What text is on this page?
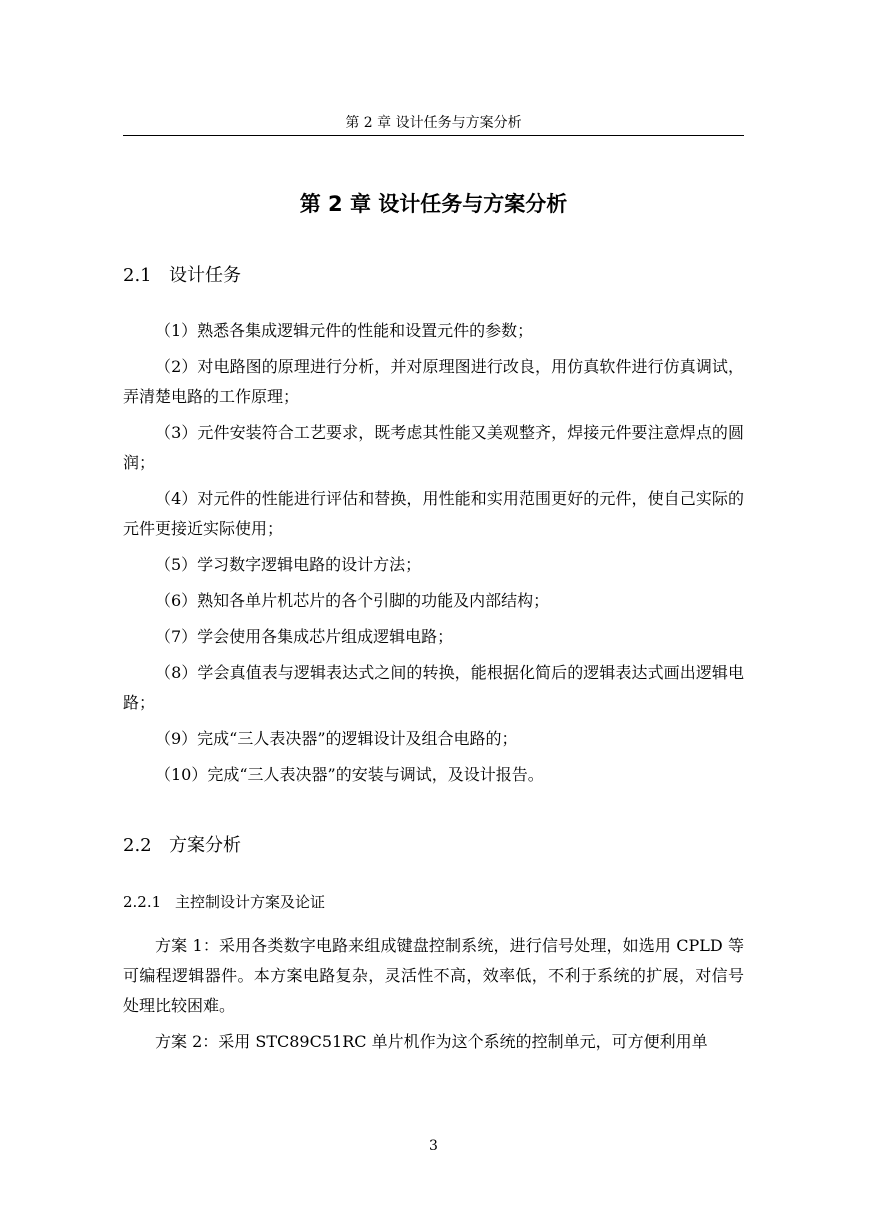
第 2 章 设计任务与方案分析
第 2 章 设计任务与方案分析
2.1 设计任务
（1）熟悉各集成逻辑元件的性能和设置元件的参数；
（2）对电路图的原理进行分析，并对原理图进行改良，用仿真软件进行仿真调试，弄清楚电路的工作原理；
（3）元件安装符合工艺要求，既考虑其性能又美观整齐，焊接元件要注意焊点的圆润；
（4）对元件的性能进行评估和替换，用性能和实用范围更好的元件，使自己实际的元件更接近实际使用；
（5）学习数字逻辑电路的设计方法；
（6）熟知各单片机芯片的各个引脚的功能及内部结构；
（7）学会使用各集成芯片组成逻辑电路；
（8）学会真值表与逻辑表达式之间的转换，能根据化简后的逻辑表达式画出逻辑电路；
（9）完成“三人表决器”的逻辑设计及组合电路的；
（10）完成“三人表决器”的安装与调试，及设计报告。
2.2 方案分析
2.2.1 主控制设计方案及论证

方案 1：采用各类数字电路来组成键盘控制系统，进行信号处理，如选用 CPLD 等可编程逻辑器件。本方案电路复杂，灵活性不高，效率低，不利于系统的扩展，对信号处理比较困难。

方案 2：采用 STC89C51RC 单片机作为这个系统的控制单元，可方便利用单

3
